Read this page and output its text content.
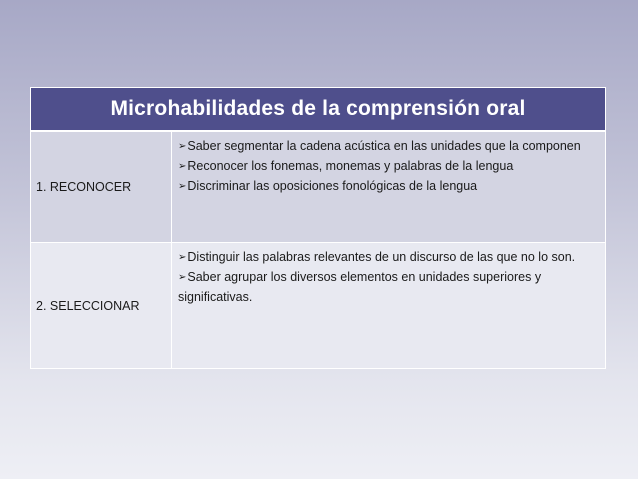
Microhabilidades de la comprensión oral
1. RECONOCER

➢Saber segmentar la cadena acústica en las unidades que la componen

➢Reconocer los fonemas, monemas y palabras de la lengua

➢Discriminar las oposiciones fonológicas de la lengua

2. SELECCIONAR

➢Distinguir las palabras relevantes de un discurso de las que no lo son.

➢Saber agrupar los diversos elementos en unidades superiores y significativas.
